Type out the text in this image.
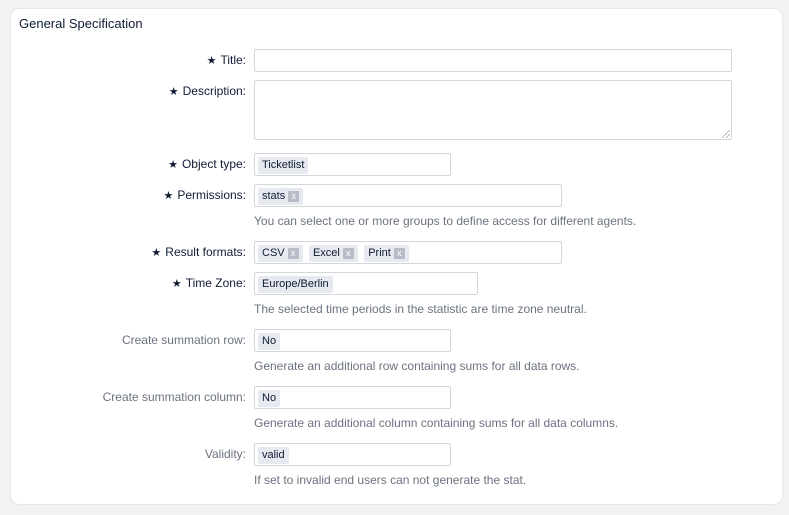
General Specification
★ Title:
★ Description:
★ Object type:	Ticketlist
★ Permissions:	stats x
You can select one or more groups to define access for different agents.
★ Result formats:	CSV x Excel x Print x
★ Time Zone:	Europe/Berlin
The selected time periods in the statistic are time zone neutral.
Create summation row:	No
Generate an additional row containing sums for all data rows.
Create summation column:	No
Generate an additional column containing sums for all data columns.
Validity:	valid
If set to invalid end users can not generate the stat.
